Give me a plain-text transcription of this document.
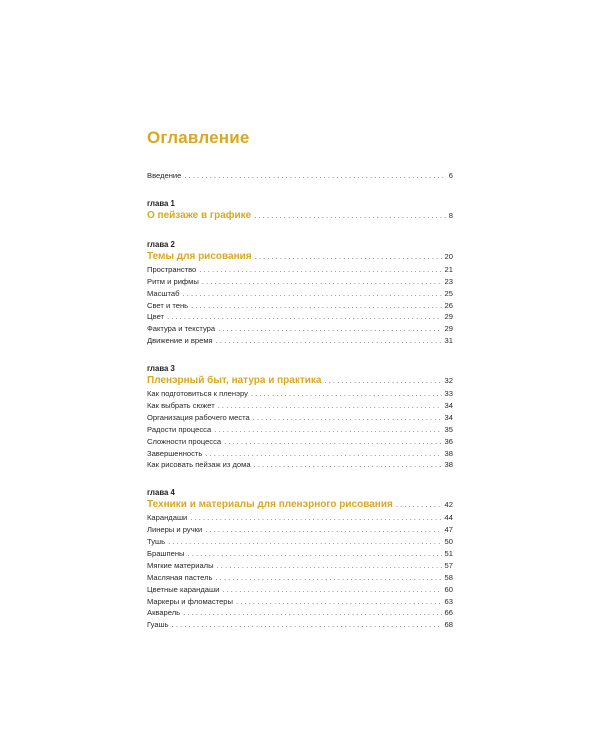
Оглавление
Введение . . .	6
глава 1
О пейзаже в графике . . .	8
глава 2
Темы для рисования . . .	20
Пространство . . .	21
Ритм и рифмы . . .	23
Масштаб . . .	25
Свет и тень . . .	26
Цвет . . .	29
Фактура и текстура . . .	29
Движение и время . . .	31
глава 3
Пленэрный быт, натура и практика . . .	32
Как подготовиться к пленэру . . .	33
Как выбрать сюжет . . .	34
Организация рабочего места . . .	34
Радости процесса . . .	35
Сложности процесса . . .	36
Завершенность . . .	38
Как рисовать пейзаж из дома . . .	38
глава 4
Техники и материалы для пленэрного рисования . . .	42
Карандаши . . .	44
Линеры и ручки . . .	47
Тушь . . .	50
Брашпены . . .	51
Мягкие материалы . . .	57
Масляная пастель . . .	58
Цветные карандаши . . .	60
Маркеры и фломастеры . . .	63
Акварель . . .	66
Гуашь . . .	68
